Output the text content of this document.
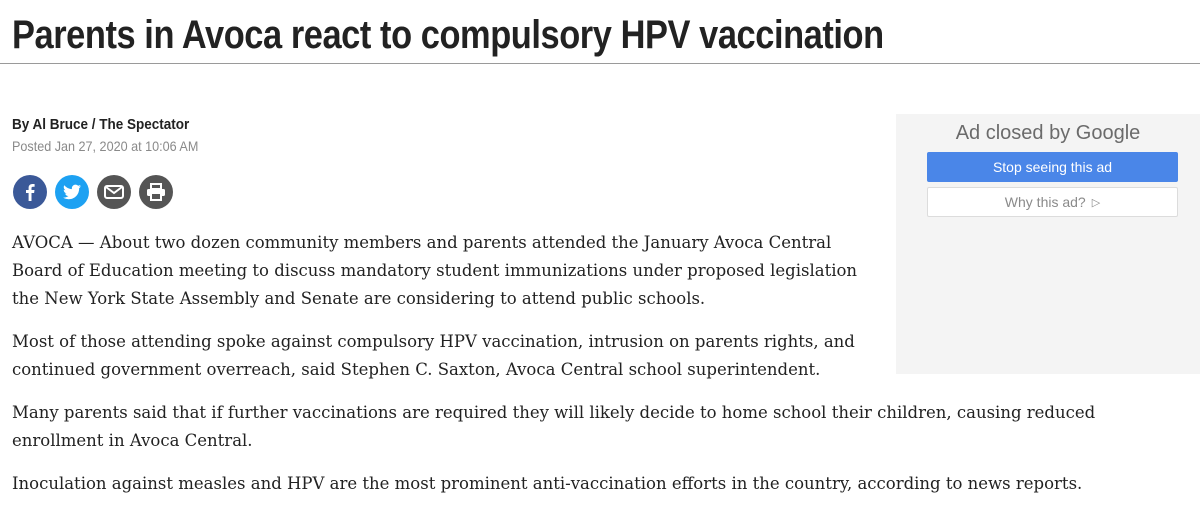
Parents in Avoca react to compulsory HPV vaccination
By Al Bruce / The Spectator
Posted Jan 27, 2020 at 10:06 AM

AVOCA — About two dozen community members and parents attended the January Avoca Central Board of Education meeting to discuss mandatory student immunizations under proposed legislation the New York State Assembly and Senate are considering to attend public schools.

Most of those attending spoke against compulsory HPV vaccination, intrusion on parents rights, and continued government overreach, said Stephen C. Saxton, Avoca Central school superintendent.

Many parents said that if further vaccinations are required they will likely decide to home school their children, causing reduced enrollment in Avoca Central.

Inoculation against measles and HPV are the most prominent anti-vaccination efforts in the country, according to news reports.

Ad closed by Google
Stop seeing this ad
Why this ad? ▷
